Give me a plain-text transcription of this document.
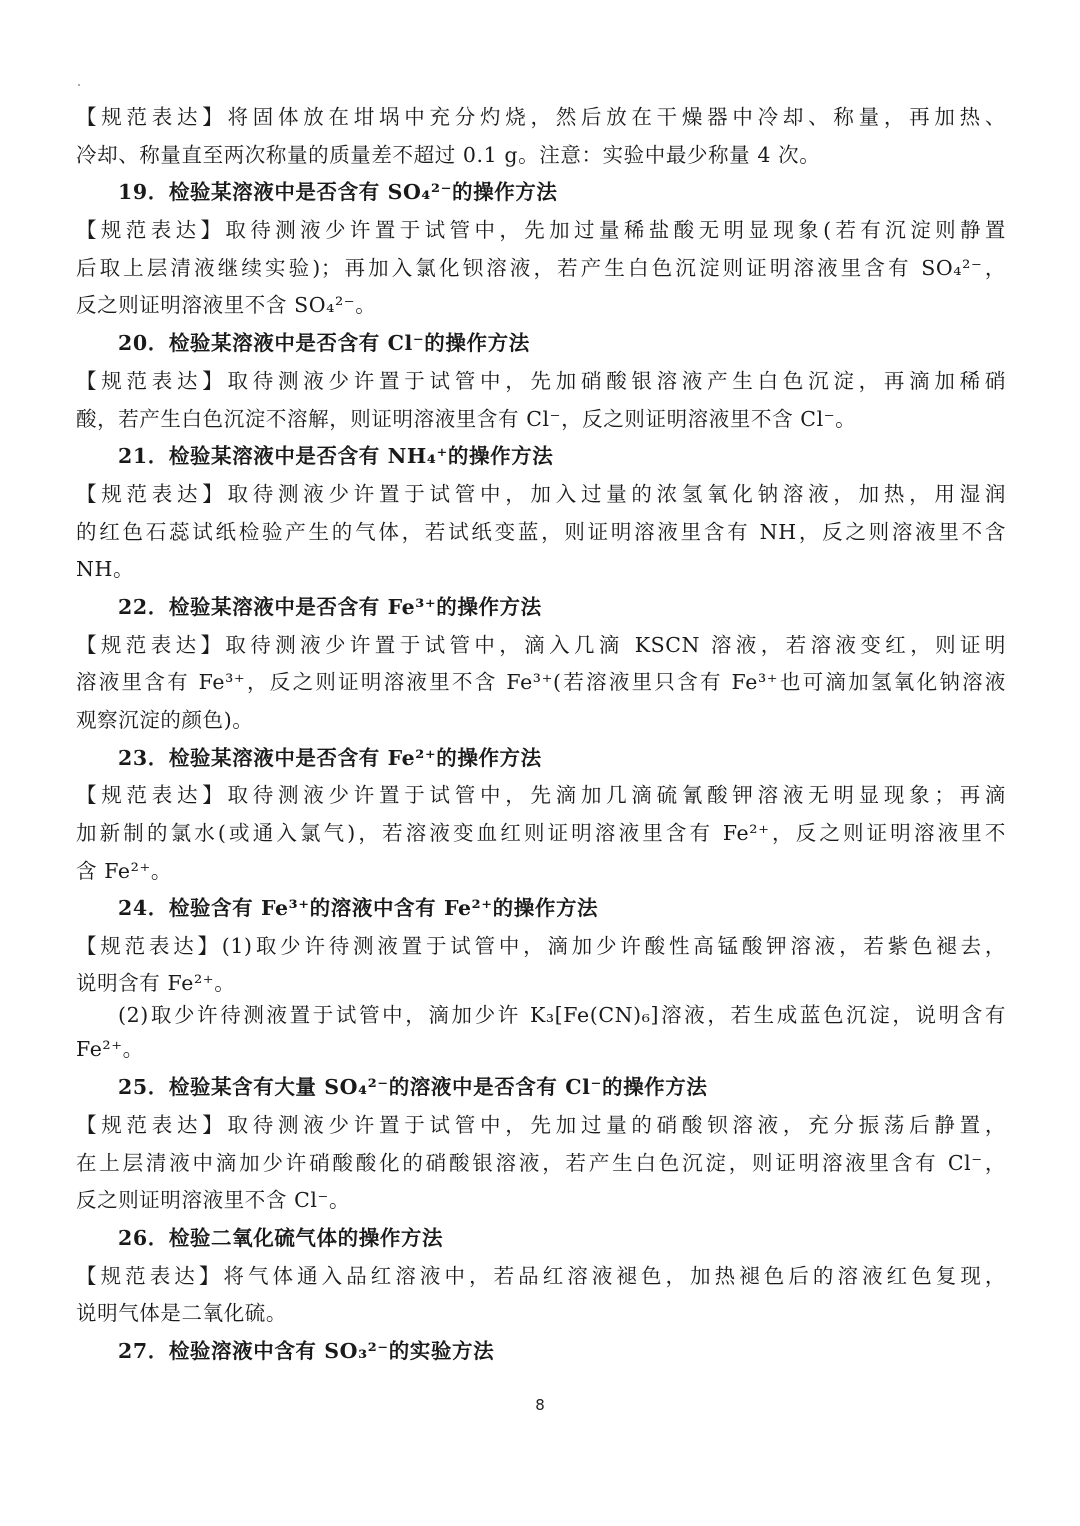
【规范表达】将固体放在坩埚中充分灼烧，然后放在干燥器中冷却、称量，再加热、
冷却、称量直至两次称量的质量差不超过 0.1 g。注意：实验中最少称量 4 次。
19．检验某溶液中是否含有 SO₄²⁻的操作方法
【规范表达】取待测液少许置于试管中，先加过量稀盐酸无明显现象(若有沉淀则静置
后取上层清液继续实验)；再加入氯化钡溶液，若产生白色沉淀则证明溶液里含有 SO₄²⁻，
反之则证明溶液里不含 SO₄²⁻。
20．检验某溶液中是否含有 Cl⁻的操作方法
【规范表达】取待测液少许置于试管中，先加硝酸银溶液产生白色沉淀，再滴加稀硝
酸，若产生白色沉淀不溶解，则证明溶液里含有 Cl⁻，反之则证明溶液里不含 Cl⁻。
21．检验某溶液中是否含有 NH₄⁺的操作方法
【规范表达】取待测液少许置于试管中，加入过量的浓氢氧化钠溶液，加热，用湿润
的红色石蕊试纸检验产生的气体，若试纸变蓝，则证明溶液里含有 NH，反之则溶液里不含
NH。
22．检验某溶液中是否含有 Fe³⁺的操作方法
【规范表达】取待测液少许置于试管中，滴入几滴 KSCN 溶液，若溶液变红，则证明
溶液里含有 Fe³⁺，反之则证明溶液里不含 Fe³⁺(若溶液里只含有 Fe³⁺也可滴加氢氧化钠溶液
观察沉淀的颜色)。
23．检验某溶液中是否含有 Fe²⁺的操作方法
【规范表达】取待测液少许置于试管中，先滴加几滴硫氰酸钾溶液无明显现象；再滴
加新制的氯水(或通入氯气)，若溶液变血红则证明溶液里含有 Fe²⁺，反之则证明溶液里不
含 Fe²⁺。
24．检验含有 Fe³⁺的溶液中含有 Fe²⁺的操作方法
【规范表达】(1)取少许待测液置于试管中，滴加少许酸性高锰酸钾溶液，若紫色褪去，
说明含有 Fe²⁺。
(2)取少许待测液置于试管中，滴加少许 K₃[Fe(CN)₆]溶液，若生成蓝色沉淀，说明含有
Fe²⁺。
25．检验某含有大量 SO₄²⁻的溶液中是否含有 Cl⁻的操作方法
【规范表达】取待测液少许置于试管中，先加过量的硝酸钡溶液，充分振荡后静置，
在上层清液中滴加少许硝酸酸化的硝酸银溶液，若产生白色沉淀，则证明溶液里含有 Cl⁻，
反之则证明溶液里不含 Cl⁻。
26．检验二氧化硫气体的操作方法
【规范表达】将气体通入品红溶液中，若品红溶液褪色，加热褪色后的溶液红色复现，
说明气体是二氧化硫。
27．检验溶液中含有 SO₃²⁻的实验方法
8
